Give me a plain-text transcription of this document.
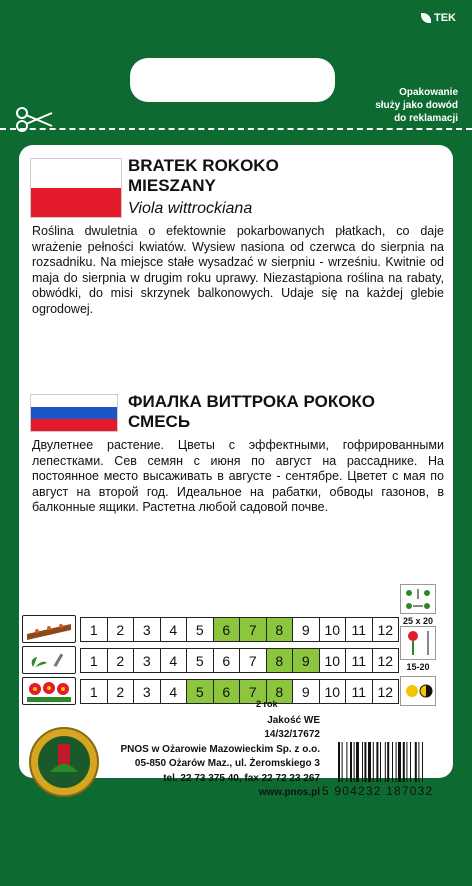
TEK
Opakowanie
służy jako dowód
do reklamacji
BRATEK ROKOKO
MIESZANY
Viola wittrockiana
Roślina dwuletnia o efektownie pokarbowanych płatkach, co daje wrażenie pełności kwiatów. Wysiew nasiona od czerwca do sierpnia na rozsadniku. Na miejsce stałe wysadzać w sierpniu - wrześniu. Kwitnie od maja do sierpnia w drugim roku uprawy. Niezastąpiona roślina na rabaty, obwódki, do misi skrzynek balkonowych. Udaje się na każdej glebie ogrodowej.
ФИАЛКА ВИТТРОКА РОКОКО
СМЕСЬ
Двулетнее растение. Цветы с эффектными, гофрированными лепестками. Сев семян с июня по август на рассаднике. На постоянное место высаживать в августе - сентябре. Цветет с мая по август на второй год. Идеальное на рабатки, обводы газонов, в балконные ящики. Растетна любой садовой почве.
25 x 20
15-20
1	2	3	4	5	6	7	8	9	10 11 12
1	2	3	4	5	6	7	8	9	10 11 12
1	2	3	4	5	6	7	8	9	10 11 12
2 rok
Jakość WE
14/32/17672
PNOS w Ożarowie Mazowieckim Sp. z o.o.
05-850 Ożarów Maz., ul. Żeromskiego 3
tel. 22 73 375 40, fax 22 72 23 267
www.pnos.pl 5 904232 187032
